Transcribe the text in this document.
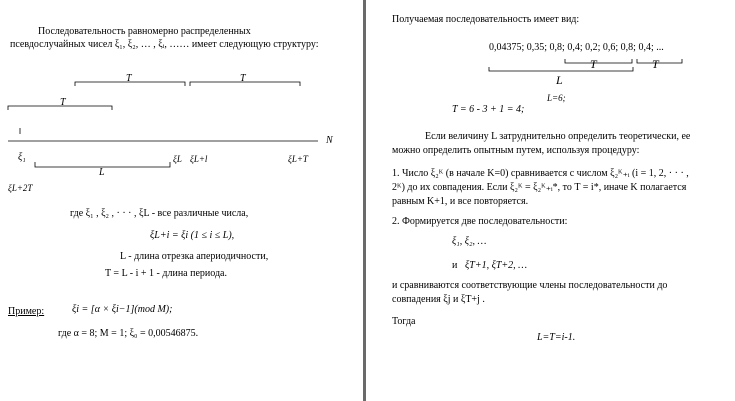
Последовательность равномерно распределенных
псевдослучайных чисел ξ₁, ξ₂, … , ξᵢ, …… имеет следующую структуру:
T	T
T
N
ξ₁	ξL ξL+l	ξL+T
L
ξL+2T
где ξ₁ , ξ₂ , · · · , ξL - все различные числа,
ξL+i = ξi (1 ≤ i ≤ L),
L - длина отрезка апериодичности,
T = L - i + 1 - длина периода.
Пример:	ξi = [α × ξi−1](mod M);
где α = 8; M = 1; ξ₀ = 0,00546875.
Получаемая последовательность имеет вид:
0,04375; 0,35; 0,8; 0,4; 0,2; 0,6; 0,8; 0,4; ...
T	T
L
L=6;
T = 6 - 3 + 1 = 4;
Если величину L затруднительно определить теоретически, ее
можно определить опытным путем, используя процедуру:
1. Число ξ₂ᴷ (в начале K=0) сравнивается с числом ξ₂ᴷ₊ᵢ (i = 1, 2, · · · ,
2ᴷ) до их совпадения. Если ξ₂ᴷ = ξ₂ᴷ₊ᵢ*, то T = i*, иначе K полагается
равным K+1, и все повторяется.
2. Формируется две последовательности:
ξ₁, ξ₂, …
и ξT+1, ξT+2, …
и сравниваются соответствующие члены последовательности до
совпадения ξj и ξT+j .
Тогда
L=T=i-1.
